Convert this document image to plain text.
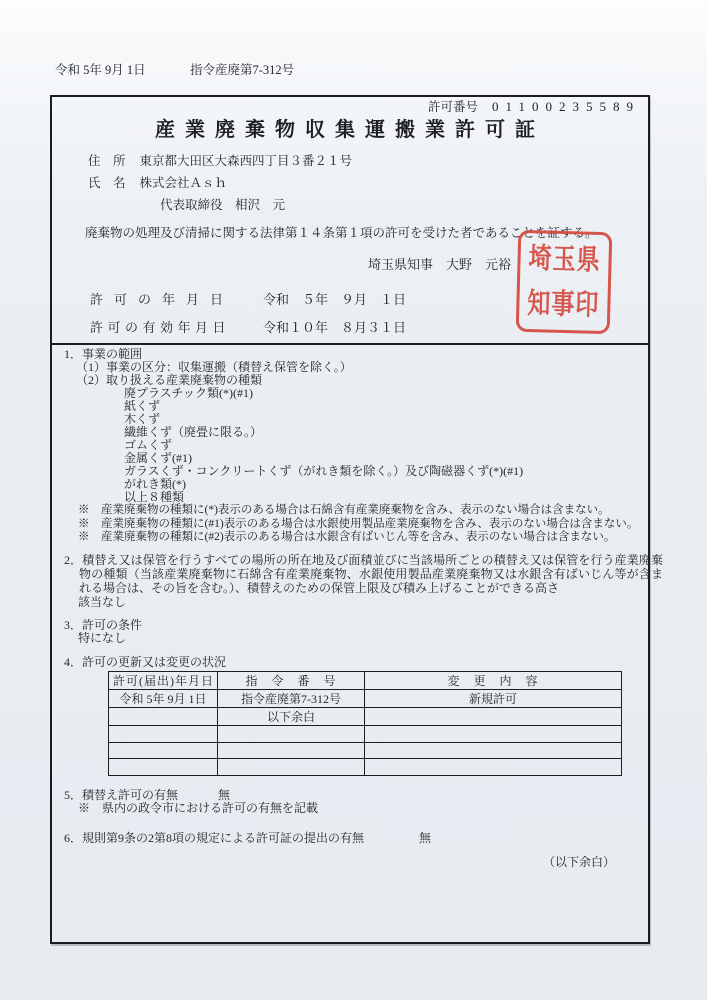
令和 5年 9月 1日	指令産廃第7-312号
許可番号 01100235589
産業廃棄物収集運搬業許可証
住　所 東京都大田区大森西四丁目３番２１号
氏　名 株式会社Ａｓｈ
代表取締役　相沢　元
廃棄物の処理及び清掃に関する法律第１４条第１項の許可を受けた者であることを証する。
埼玉県知事　大野　元裕 埼玉県
知事印
許可の年月日 令和　５年　９月　１日
許可の有効年月日	令和１０年　８月３１日
1．事業の範囲
（1）事業の区分：収集運搬（積替え保管を除く。）
（2）取り扱える産業廃棄物の種類
廃プラスチック類(*)(#1)
紙くず
木くず
繊維くず（廃畳に限る。）
ゴムくず
金属くず(#1)
ガラスくず・コンクリートくず（がれき類を除く。）及び陶磁器くず(*)(#1)
がれき類(*)
以上８種類
※　産業廃棄物の種類に(*)表示のある場合は石綿含有産業廃棄物を含み、表示のない場合は含まない。
※　産業廃棄物の種類に(#1)表示のある場合は水銀使用製品産業廃棄物を含み、表示のない場合は含まない。
※　産業廃棄物の種類に(#2)表示のある場合は水銀含有ばいじん等を含み、表示のない場合は含まない。
2．積替え又は保管を行うすべての場所の所在地及び面積並びに当該場所ごとの積替え又は保管を行う産業廃棄物の種類（当該産業廃棄物に石綿含有産業廃棄物、水銀使用製品産業廃棄物又は水銀含有ばいじん等が含まれる場合は、その旨を含む。）、積替えのための保管上限及び積み上げることができる高さ
該当なし
3．許可の条件
特になし
4．許可の更新又は変更の状況
許可(届出)年月日	指　令　番　号	変　更　内　容
令和 5年 9月 1日	指令産廃第7-312号	新規許可
	以下余白	

5．積替え許可の有無	無
※　県内の政令市における許可の有無を記載
6．規則第9条の2第8項の規定による許可証の提出の有無	無
（以下余白）
